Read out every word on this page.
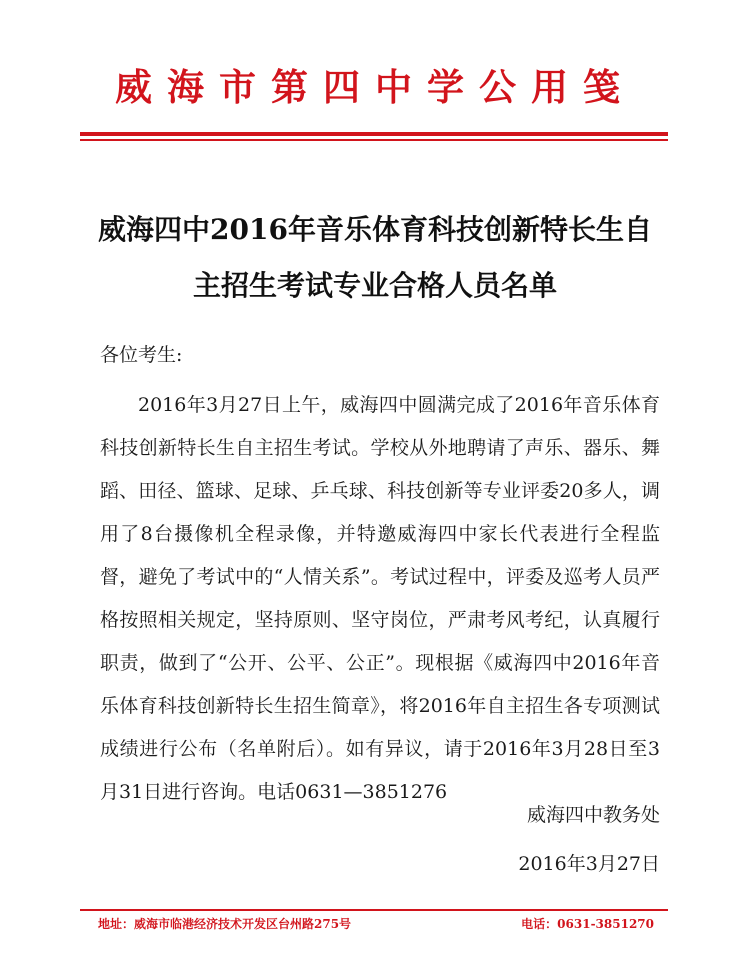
威海市第四中学公用笺
威海四中2016年音乐体育科技创新特长生自
主招生考试专业合格人员名单
各位考生:
2016年3月27日上午，威海四中圆满完成了2016年音乐体育科技创新特长生自主招生考试。学校从外地聘请了声乐、器乐、舞蹈、田径、篮球、足球、乒乓球、科技创新等专业评委20多人，调用了8台摄像机全程录像，并特邀威海四中家长代表进行全程监督，避免了考试中的“人情关系”。考试过程中，评委及巡考人员严格按照相关规定，坚持原则、坚守岗位，严肃考风考纪，认真履行职责，做到了“公开、公平、公正”。现根据《威海四中2016年音乐体育科技创新特长生招生简章》，将2016年自主招生各专项测试成绩进行公布（名单附后）。如有异议，请于2016年3月28日至3月31日进行咨询。电话0631—3851276
威海四中教务处
2016年3月27日
地址：威海市临港经济技术开发区台州路275号	电话：0631-3851270
